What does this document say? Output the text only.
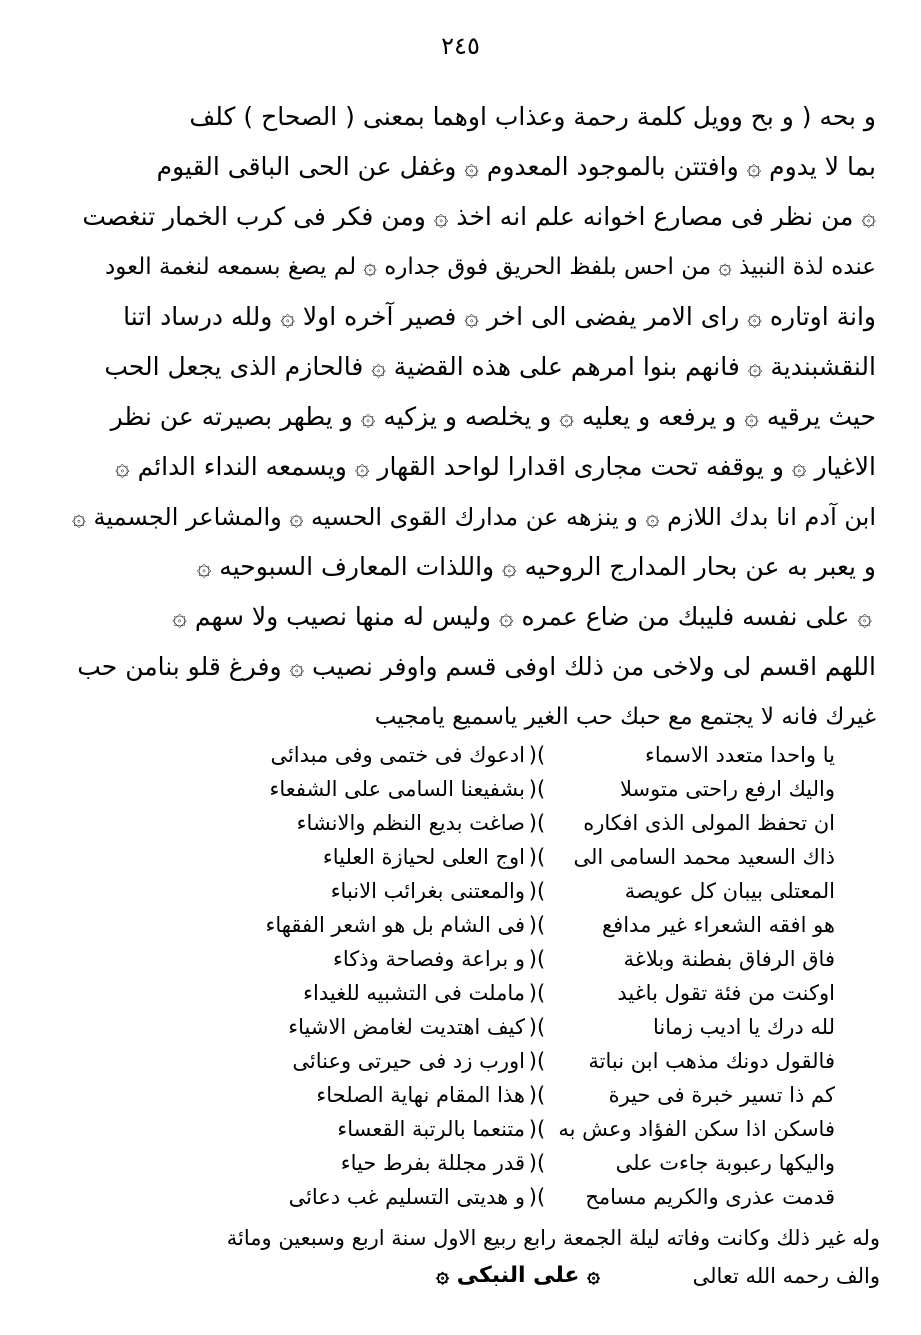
٢٤٥
و بحه ( و بح وويل كلمة رحمة وعذاب اوهما بمعنى ( الصحاح ) كلف
بما لا يدوم ۞ وافتتن بالموجود المعدوم ۞ وغفل عن الحى الباقى القيوم
۞ من نظر فى مصارع اخوانه علم انه اخذ ۞ ومن فكر فى كرب الخمار تنغصت
عنده لذة النبيذ ۞ من احس بلفظ الحريق فوق جداره ۞ لم يصغ بسمعه لنغمة العود
وانة اوتاره ۞ راى الامر يفضى الى اخر ۞ فصير آخره اولا ۞ ولله درساد اتنا
النقشبندية ۞ فانهم بنوا امرهم على هذه القضية ۞ فالحازم الذى يجعل الحب
حيث يرقيه ۞ و يرفعه و يعليه ۞ و يخلصه و يزكيه ۞ و يطهر بصيرته عن نظر
الاغيار ۞ و يوقفه تحت مجارى اقدارا لواحد القهار ۞ ويسمعه النداء الدائم ۞
ابن آدم انا بدك اللازم ۞ و ينزهه عن مدارك القوى الحسيه ۞ والمشاعر الجسمية ۞
و يعبر به عن بحار المدارج الروحيه ۞ واللذات المعارف السبوحيه ۞
۞ على نفسه فليبك من ضاع عمره ۞ وليس له منها نصيب ولا سهم ۞
اللهم اقسم لى ولاخى من ذلك اوفى قسم واوفر نصيب ۞ وفرغ قلو بنامن حب
غيرك فانه لا يجتمع مع حبك حب الغير ياسميع يامجيب
يا واحدا متعدد الاسماء
)(
ادعوك فى ختمى وفى مبدائى
واليك ارفع راحتى متوسلا
)(
بشفيعنا السامى على الشفعاء
ان تحفظ المولى الذى افكاره
)(
صاغت بديع النظم والانشاء
ذاك السعيد محمد السامى الى
)(
اوج العلى لحيازة العلياء
المعتلى بيبان كل عويصة
)(
والمعتنى بغرائب الانباء
هو افقه الشعراء غير مدافع
)(
فى الشام بل هو اشعر الفقهاء
فاق الرفاق بفطنة وبلاغة
)(
و براعة وفصاحة وذكاء
اوكنت من فئة تقول باغيد
)(
ماملت فى التشبيه للغيداء
لله درك يا اديب زمانا
)(
كيف اهتديت لغامض الاشياء
فالقول دونك مذهب ابن نباتة
)(
اورب زد فى حيرتى وعنائى
كم ذا تسير خبرة فى حيرة
)(
هذا المقام نهاية الصلحاء
فاسكن اذا سكن الفؤاد وعش به
)(
متنعما بالرتبة القعساء
واليكها رعبوبة جاءت على
)(
قدر مجللة بفرط حياء
قدمت عذرى والكريم مسامح
)(
و هديتى التسليم غب دعائى
وله غير ذلك وكانت وفاته ليلة الجمعة رابع ربيع الاول سنة اربع وسبعين ومائة
والف رحمه الله تعالى
۞ على النبكى ۞
